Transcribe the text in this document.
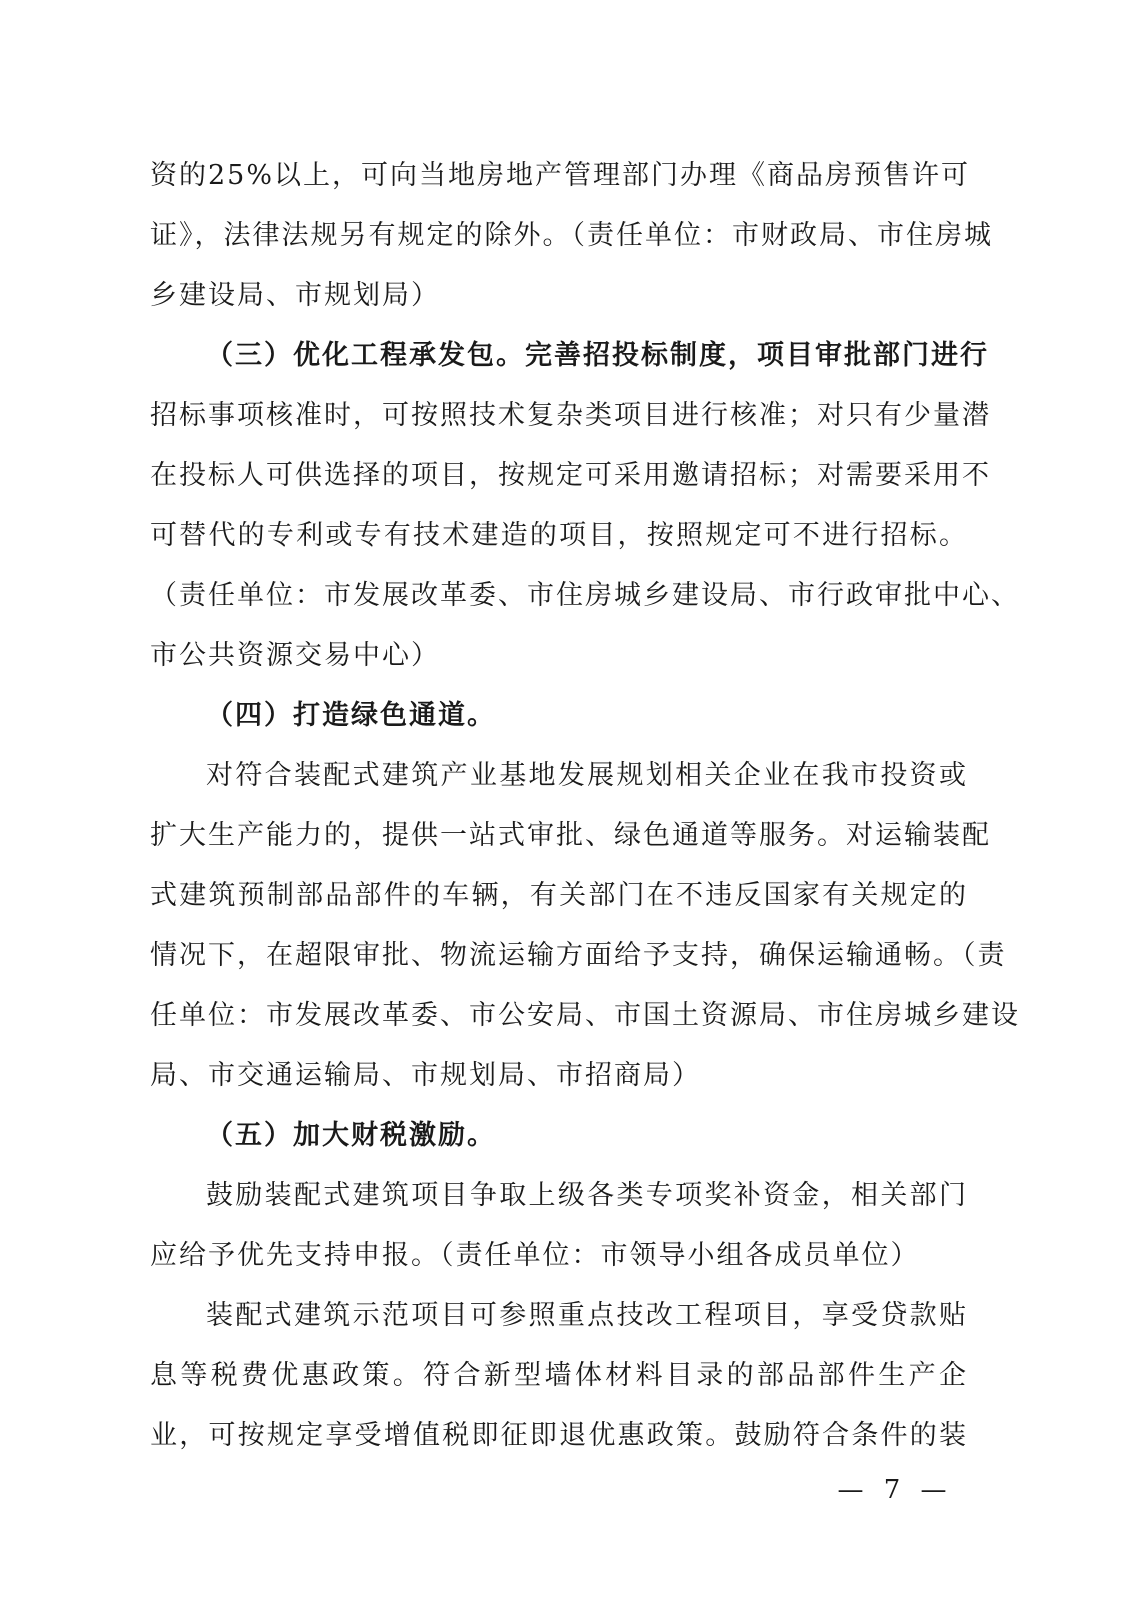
资的25%以上，可向当地房地产管理部门办理《商品房预售许可
证》，法律法规另有规定的除外。（责任单位：市财政局、市住房城
乡建设局、市规划局）
（三）优化工程承发包。完善招投标制度，项目审批部门进行
招标事项核准时，可按照技术复杂类项目进行核准；对只有少量潜
在投标人可供选择的项目，按规定可采用邀请招标；对需要采用不
可替代的专利或专有技术建造的项目，按照规定可不进行招标。
（责任单位：市发展改革委、市住房城乡建设局、市行政审批中心、
市公共资源交易中心）
（四）打造绿色通道。
对符合装配式建筑产业基地发展规划相关企业在我市投资或
扩大生产能力的，提供一站式审批、绿色通道等服务。对运输装配
式建筑预制部品部件的车辆，有关部门在不违反国家有关规定的
情况下，在超限审批、物流运输方面给予支持，确保运输通畅。（责
任单位：市发展改革委、市公安局、市国土资源局、市住房城乡建设
局、市交通运输局、市规划局、市招商局）
（五）加大财税激励。
鼓励装配式建筑项目争取上级各类专项奖补资金，相关部门
应给予优先支持申报。（责任单位：市领导小组各成员单位）
装配式建筑示范项目可参照重点技改工程项目，享受贷款贴
息等税费优惠政策。符合新型墙体材料目录的部品部件生产企
业，可按规定享受增值税即征即退优惠政策。鼓励符合条件的装
— 7 —
